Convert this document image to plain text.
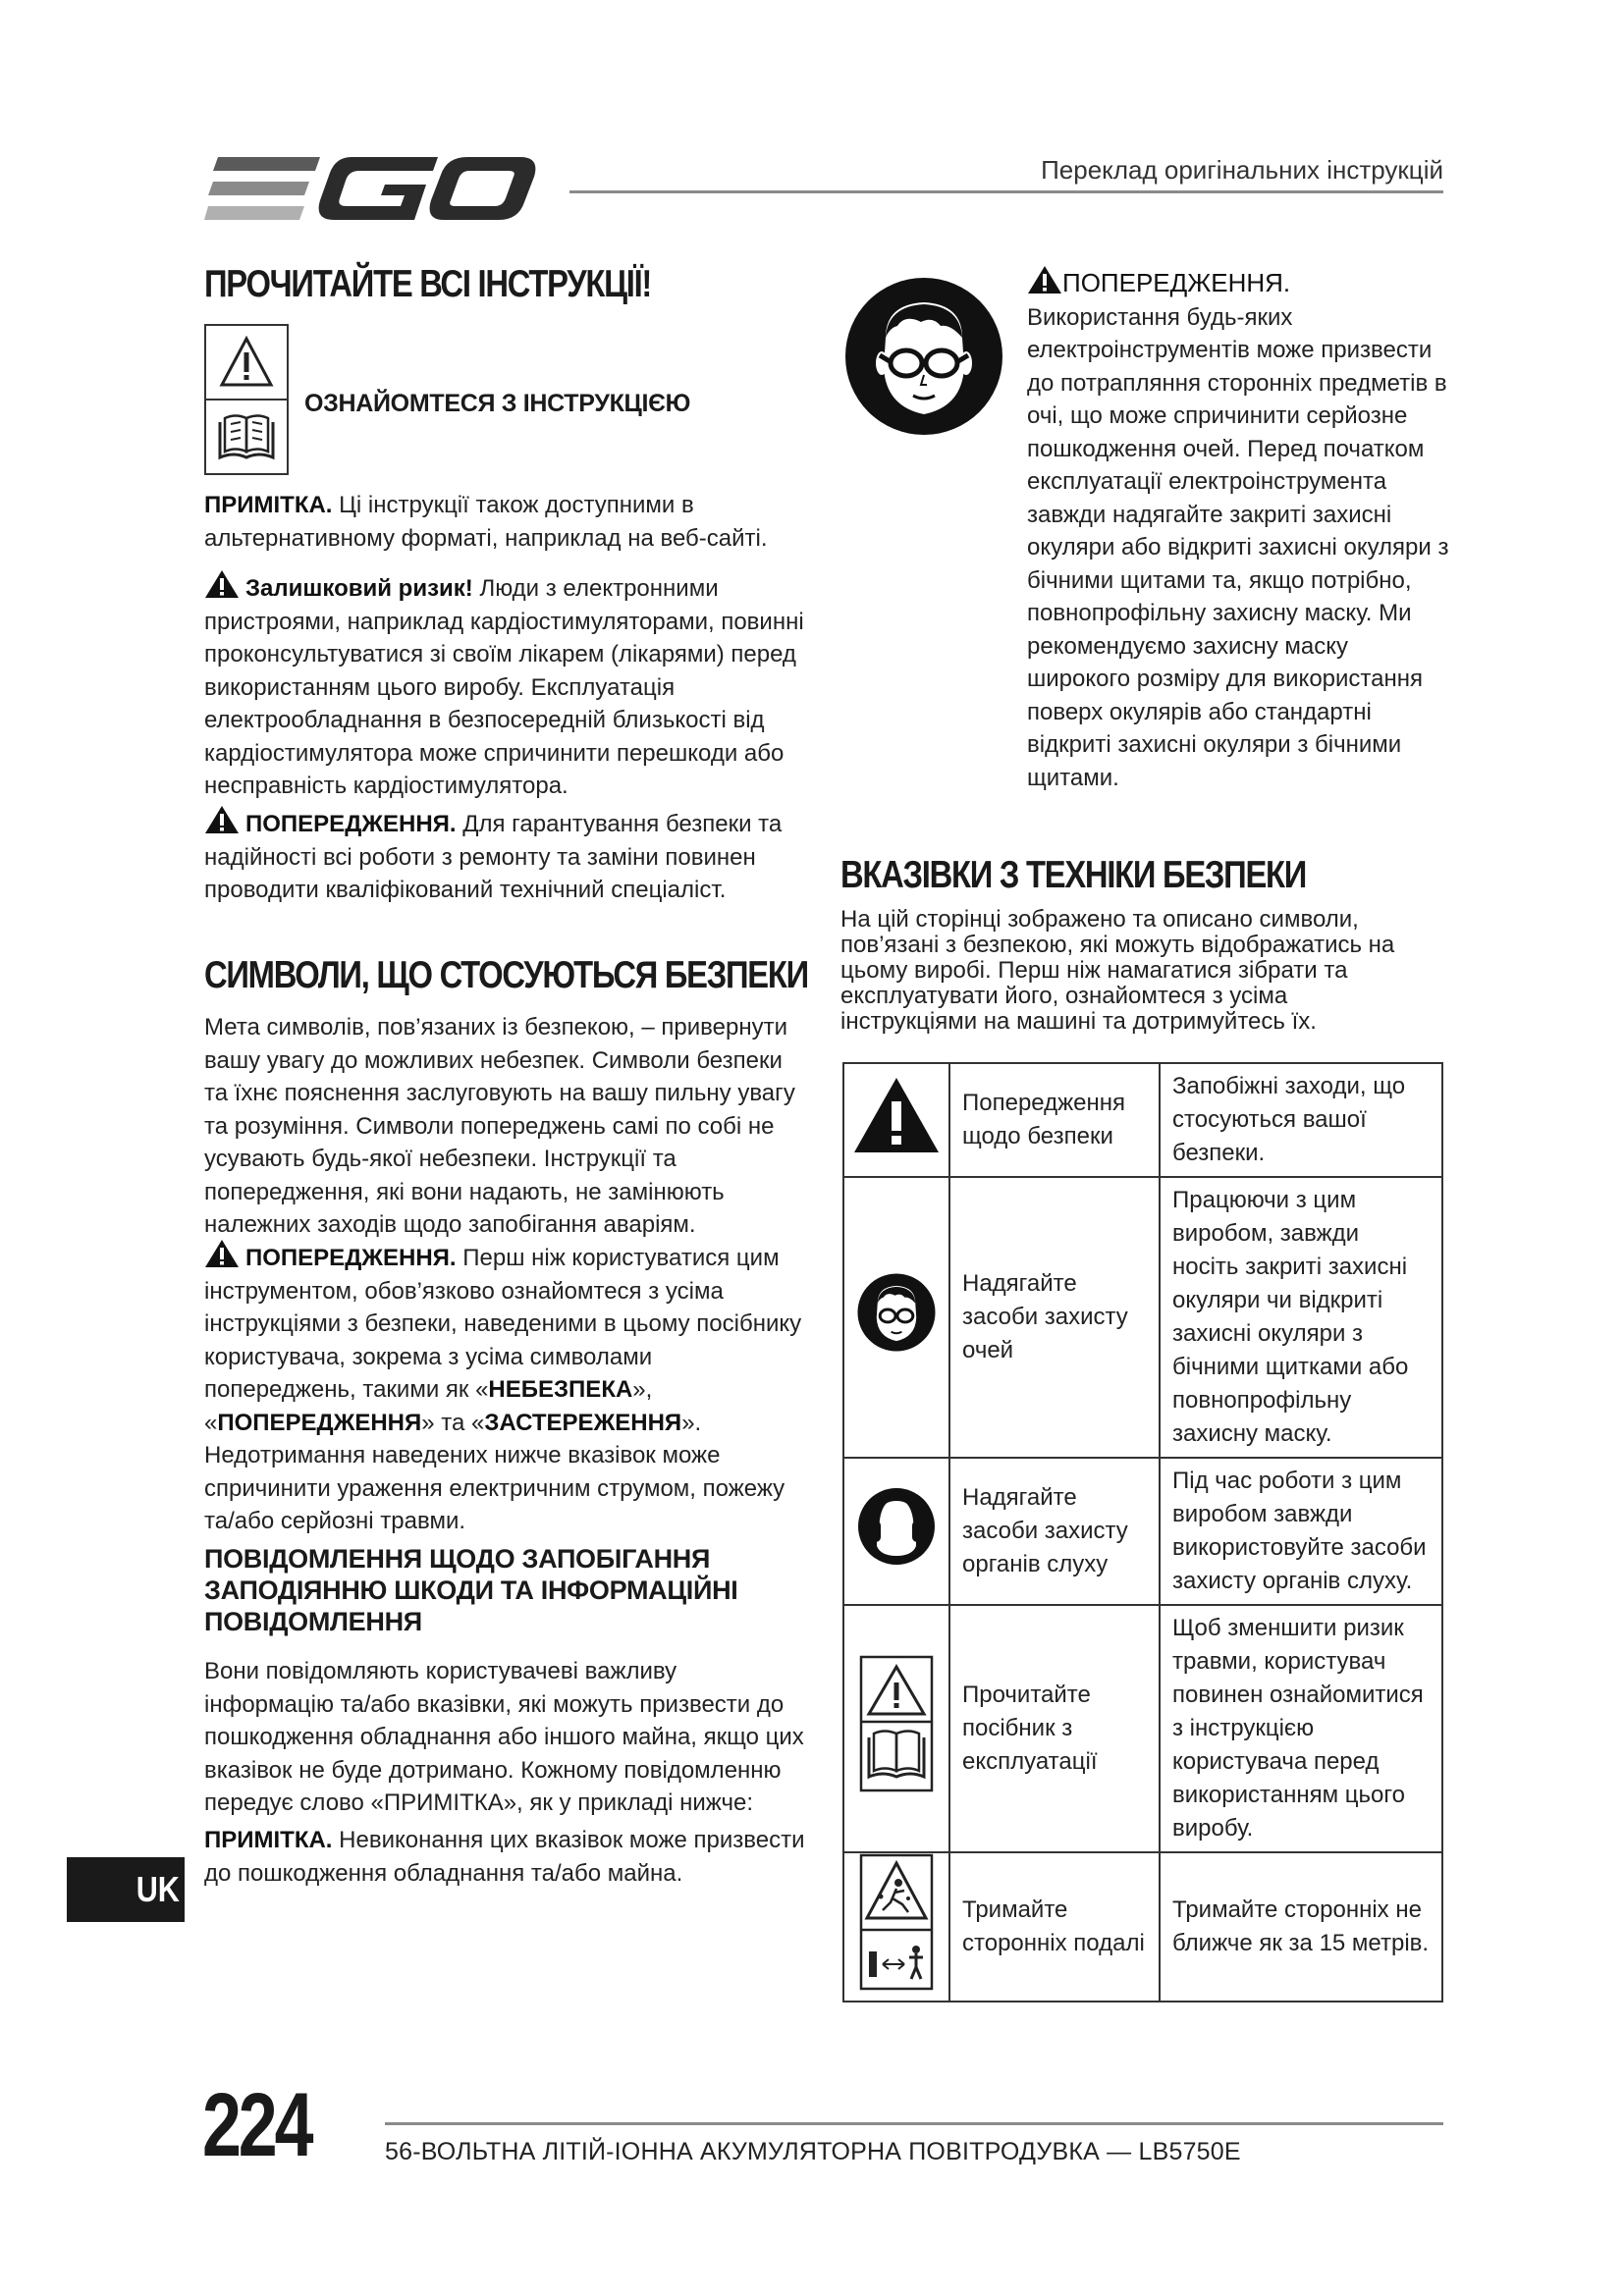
Переклад оригінальних інструкцій
ПРОЧИТАЙТЕ ВСІ ІНСТРУКЦІЇ!
ОЗНАЙОМТЕСЯ З ІНСТРУКЦІЄЮ

ПРИМІТКА. Ці інструкції також доступними в альтернативному форматі, наприклад на веб-сайті.

Залишковий ризик! Люди з електронними пристроями, наприклад кардіостимуляторами, повинні проконсультуватися зі своїм лікарем (лікарями) перед використанням цього виробу. Експлуатація електрообладнання в безпосередній близькості від кардіостимулятора може спричинити перешкоди або несправність кардіостимулятора.

ПОПЕРЕДЖЕННЯ. Для гарантування безпеки та надійності всі роботи з ремонту та заміни повинен проводити кваліфікований технічний спеціаліст.

СИМВОЛИ, ЩО СТОСУЮТЬСЯ БЕЗПЕКИ
Мета символів, пов’язаних із безпекою, – привернути вашу увагу до можливих небезпек. Символи безпеки та їхнє пояснення заслуговують на вашу пильну увагу та розуміння. Символи попереджень самі по собі не усувають будь-якої небезпеки. Інструкції та попередження, які вони надають, не замінюють належних заходів щодо запобігання аваріям.

ПОПЕРЕДЖЕННЯ. Перш ніж користуватися цим інструментом, обов’язково ознайомтеся з усіма інструкціями з безпеки, наведеними в цьому посібнику користувача, зокрема з усіма символами попереджень, такими як «НЕБЕЗПЕКА», «ПОПЕРЕДЖЕННЯ» та «ЗАСТЕРЕЖЕННЯ». Недотримання наведених нижче вказівок може спричинити ураження електричним струмом, пожежу та/або серйозні травми.

ПОВІДОМЛЕННЯ ЩОДО ЗАПОБІГАННЯ ЗАПОДІЯННЮ ШКОДИ ТА ІНФОРМАЦІЙНІ ПОВІДОМЛЕННЯ
Вони повідомляють користувачеві важливу інформацію та/або вказівки, які можуть призвести до пошкодження обладнання або іншого майна, якщо цих вказівок не буде дотримано. Кожному повідомленню передує слово «ПРИМІТКА», як у прикладі нижче:

ПРИМІТКА. Невиконання цих вказівок може призвести до пошкодження обладнання та/або майна.

UK

ПОПЕРЕДЖЕННЯ.

Використання будь-яких електроінструментів може призвести до потрапляння сторонніх предметів в очі, що може спричинити серйозне пошкодження очей. Перед початком експлуатації електроінструмента завжди надягайте закриті захисні окуляри або відкриті захисні окуляри з бічними щитами та, якщо потрібно, повнопрофільну захисну маску. Ми рекомендуємо захисну маску широкого розміру для використання поверх окулярів або стандартні відкриті захисні окуляри з бічними щитами.

ВКАЗІВКИ З ТЕХНІКИ БЕЗПЕКИ
На цій сторінці зображено та описано символи, пов’язані з безпекою, які можуть відображатись на цьому виробі. Перш ніж намагатися зібрати та експлуатувати його, ознайомтеся з усіма інструкціями на машині та дотримуйтесь їх.
	Попередження щодо безпеки	Запобіжні заходи, що стосуються вашої безпеки.
	Надягайте засоби захисту очей	Працюючи з цим виробом, завжди носіть закриті захисні окуляри чи відкриті захисні окуляри з бічними щитками або повнопрофільну захисну маску.
	Надягайте засоби захисту органів слуху	Під час роботи з цим виробом завжди використовуйте засоби захисту органів слуху.
	Прочитайте посібник з експлуатації	Щоб зменшити ризик травми, користувач повинен ознайомитися з інструкцією користувача перед використанням цього виробу.
	Тримайте сторонніх подалі	Тримайте сторонніх не ближче як за 15 метрів.
224	56-ВОЛЬТНА ЛІТІЙ-ІОННА АКУМУЛЯТОРНА ПОВІТРОДУВКА — LB5750E
